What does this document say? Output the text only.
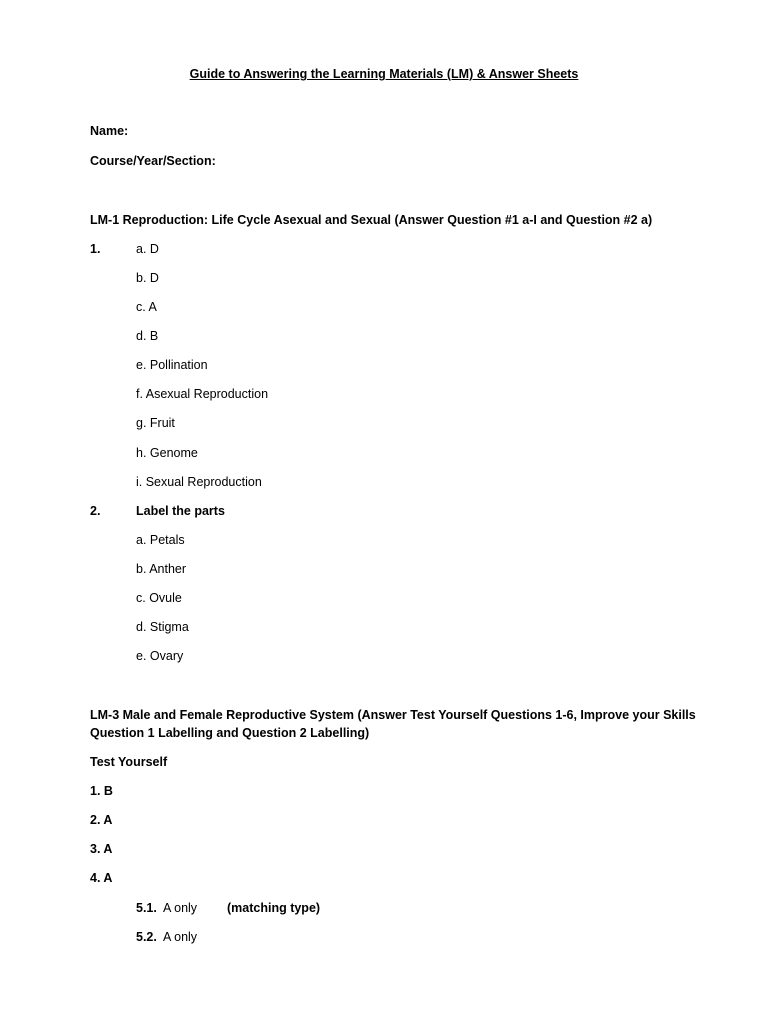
Guide to Answering the Learning Materials (LM) & Answer Sheets
Name:
Course/Year/Section:
LM-1 Reproduction: Life Cycle Asexual and Sexual (Answer Question #1 a-I and Question #2 a)
1.	a. D
b. D
c. A
d. B
e. Pollination
f. Asexual Reproduction
g. Fruit
h. Genome
i. Sexual Reproduction
2.	Label the parts
a. Petals
b. Anther
c. Ovule
d. Stigma
e. Ovary
LM-3 Male and Female Reproductive System (Answer Test Yourself Questions 1-6, Improve your Skills
Question 1 Labelling and Question 2 Labelling)
Test Yourself
1. B
2. A
3. A
4. A
5.1. A only (matching type)
5.2. A only
